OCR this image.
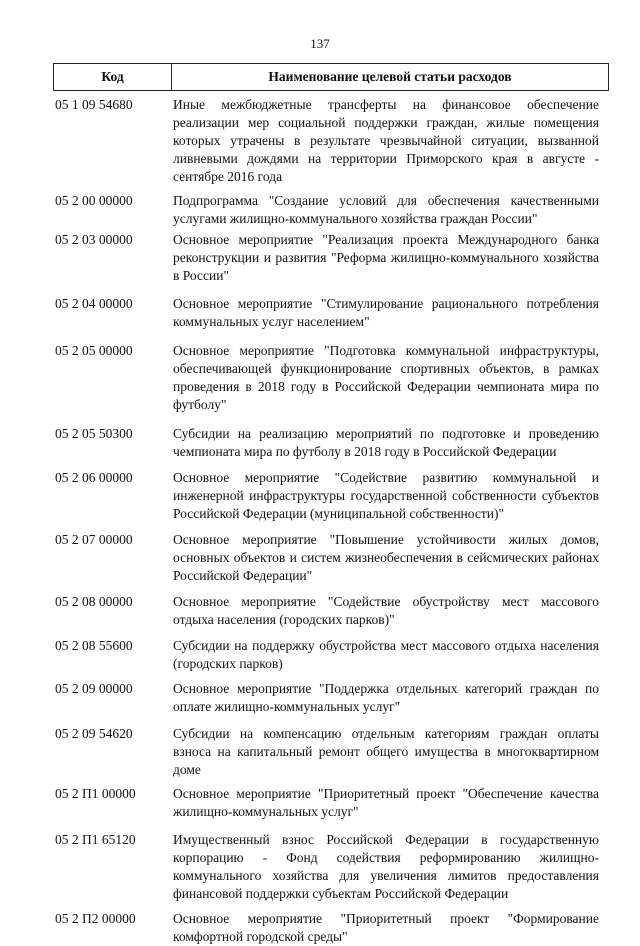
137
Код	Наименование целевой статьи расходов
05 1 09 54680	Иные межбюджетные трансферты на финансовое обеспечение реализации мер социальной поддержки граждан, жилые помещения которых утрачены в результате чрезвычайной ситуации, вызванной ливневыми дождями на территории Приморского края в августе - сентябре 2016 года
05 2 00 00000	Подпрограмма "Создание условий для обеспечения качественными услугами жилищно-коммунального хозяйства граждан России"
05 2 03 00000	Основное мероприятие "Реализация проекта Международного банка реконструкции и развития "Реформа жилищно-коммунального хозяйства в России"
05 2 04 00000	Основное мероприятие "Стимулирование рационального потребления коммунальных услуг населением"
05 2 05 00000	Основное мероприятие "Подготовка коммунальной инфраструктуры, обеспечивающей функционирование спортивных объектов, в рамках проведения в 2018 году в Российской Федерации чемпионата мира по футболу"
05 2 05 50300	Субсидии на реализацию мероприятий по подготовке и проведению чемпионата мира по футболу в 2018 году в Российской Федерации
05 2 06 00000	Основное мероприятие "Содействие развитию коммунальной и инженерной инфраструктуры государственной собственности субъектов Российской Федерации (муниципальной собственности)"
05 2 07 00000	Основное мероприятие "Повышение устойчивости жилых домов, основных объектов и систем жизнеобеспечения в сейсмических районах Российской Федерации"
05 2 08 00000	Основное мероприятие "Содействие обустройству мест массового отдыха населения (городских парков)"
05 2 08 55600	Субсидии на поддержку обустройства мест массового отдыха населения (городских парков)
05 2 09 00000	Основное мероприятие "Поддержка отдельных категорий граждан по оплате жилищно-коммунальных услуг"
05 2 09 54620	Субсидии на компенсацию отдельным категориям граждан оплаты взноса на капитальный ремонт общего имущества в многоквартирном доме
05 2 П1 00000	Основное мероприятие "Приоритетный проект "Обеспечение качества жилищно-коммунальных услуг"
05 2 П1 65120	Имущественный взнос Российской Федерации в государственную корпорацию - Фонд содействия реформированию жилищно-коммунального хозяйства для увеличения лимитов предоставления финансовой поддержки субъектам Российской Федерации
05 2 П2 00000	Основное мероприятие "Приоритетный проект "Формирование комфортной городской среды"
